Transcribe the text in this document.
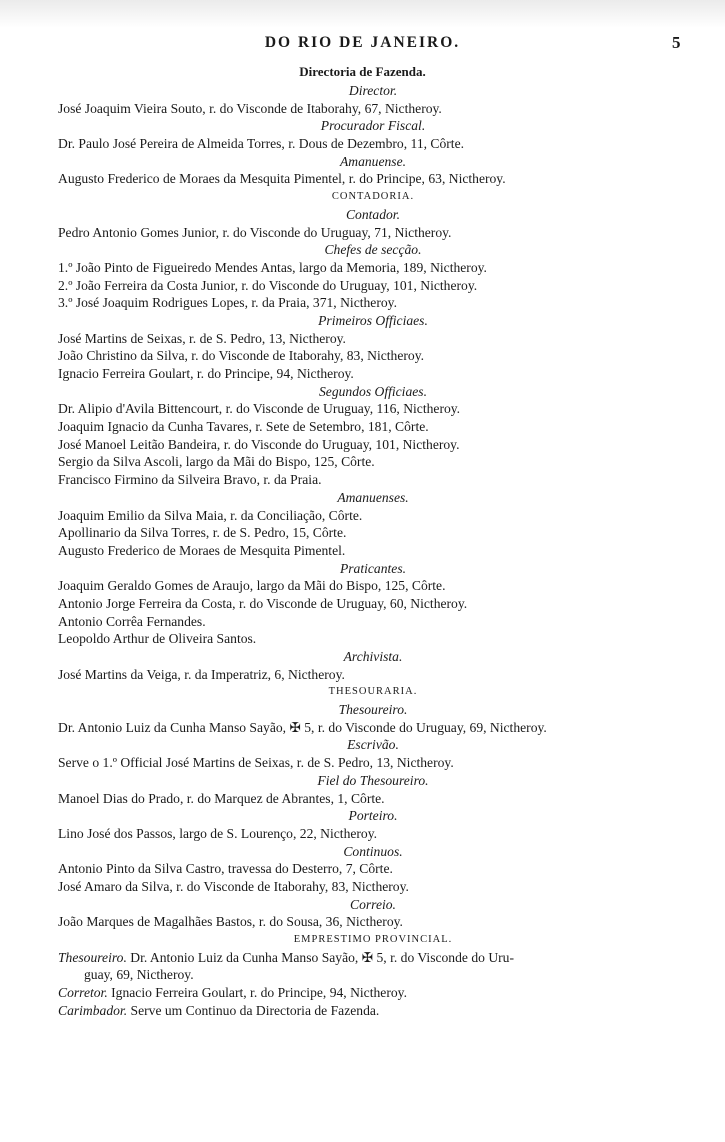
DO RIO DE JANEIRO.	5
Directoria de Fazenda.
Director.
José Joaquim Vieira Souto, r. do Visconde de Itaborahy, 67, Nictheroy.
Procurador Fiscal.
Dr. Paulo José Pereira de Almeida Torres, r. Dous de Dezembro, 11, Côrte.
Amanuense.
Augusto Frederico de Moraes da Mesquita Pimentel, r. do Principe, 63, Nictheroy.
CONTADORIA.
Contador.
Pedro Antonio Gomes Junior, r. do Visconde do Uruguay, 71, Nictheroy.
Chefes de secção.
1.º João Pinto de Figueiredo Mendes Antas, largo da Memoria, 189, Nictheroy.
2.º João Ferreira da Costa Junior, r. do Visconde do Uruguay, 101, Nictheroy.
3.º José Joaquim Rodrigues Lopes, r. da Praia, 371, Nictheroy.
Primeiros Officiaes.
José Martins de Seixas, r. de S. Pedro, 13, Nictheroy.
João Christino da Silva, r. do Visconde de Itaborahy, 83, Nictheroy.
Ignacio Ferreira Goulart, r. do Principe, 94, Nictheroy.
Segundos Officiaes.
Dr. Alipio d'Avila Bittencourt, r. do Visconde de Uruguay, 116, Nictheroy.
Joaquim Ignacio da Cunha Tavares, r. Sete de Setembro, 181, Côrte.
José Manoel Leitão Bandeira, r. do Visconde do Uruguay, 101, Nictheroy.
Sergio da Silva Ascoli, largo da Mãi do Bispo, 125, Côrte.
Francisco Firmino da Silveira Bravo, r. da Praia.
Amanuenses.
Joaquim Emilio da Silva Maia, r. da Conciliação, Côrte.
Apollinario da Silva Torres, r. de S. Pedro, 15, Côrte.
Augusto Frederico de Moraes de Mesquita Pimentel.
Praticantes.
Joaquim Geraldo Gomes de Araujo, largo da Mãi do Bispo, 125, Côrte.
Antonio Jorge Ferreira da Costa, r. do Visconde de Uruguay, 60, Nictheroy.
Antonio Corrêa Fernandes.
Leopoldo Arthur de Oliveira Santos.
Archivista.
José Martins da Veiga, r. da Imperatriz, 6, Nictheroy.
THESOURARIA.
Thesoureiro.
Dr. Antonio Luiz da Cunha Manso Sayão, ✠ 5, r. do Visconde do Uruguay, 69, Nictheroy.
Escrivão.
Serve o 1.º Official José Martins de Seixas, r. de S. Pedro, 13, Nictheroy.
Fiel do Thesoureiro.
Manoel Dias do Prado, r. do Marquez de Abrantes, 1, Côrte.
Porteiro.
Lino José dos Passos, largo de S. Lourenço, 22, Nictheroy.
Continuos.
Antonio Pinto da Silva Castro, travessa do Desterro, 7, Côrte.
José Amaro da Silva, r. do Visconde de Itaborahy, 83, Nictheroy.
Correio.
João Marques de Magalhães Bastos, r. do Sousa, 36, Nictheroy.
EMPRESTIMO PROVINCIAL.
Thesoureiro. Dr. Antonio Luiz da Cunha Manso Sayão, ✠ 5, r. do Visconde do Uru-
guay, 69, Nictheroy.
Corretor. Ignacio Ferreira Goulart, r. do Principe, 94, Nictheroy.
Carimbador. Serve um Continuo da Directoria de Fazenda.
